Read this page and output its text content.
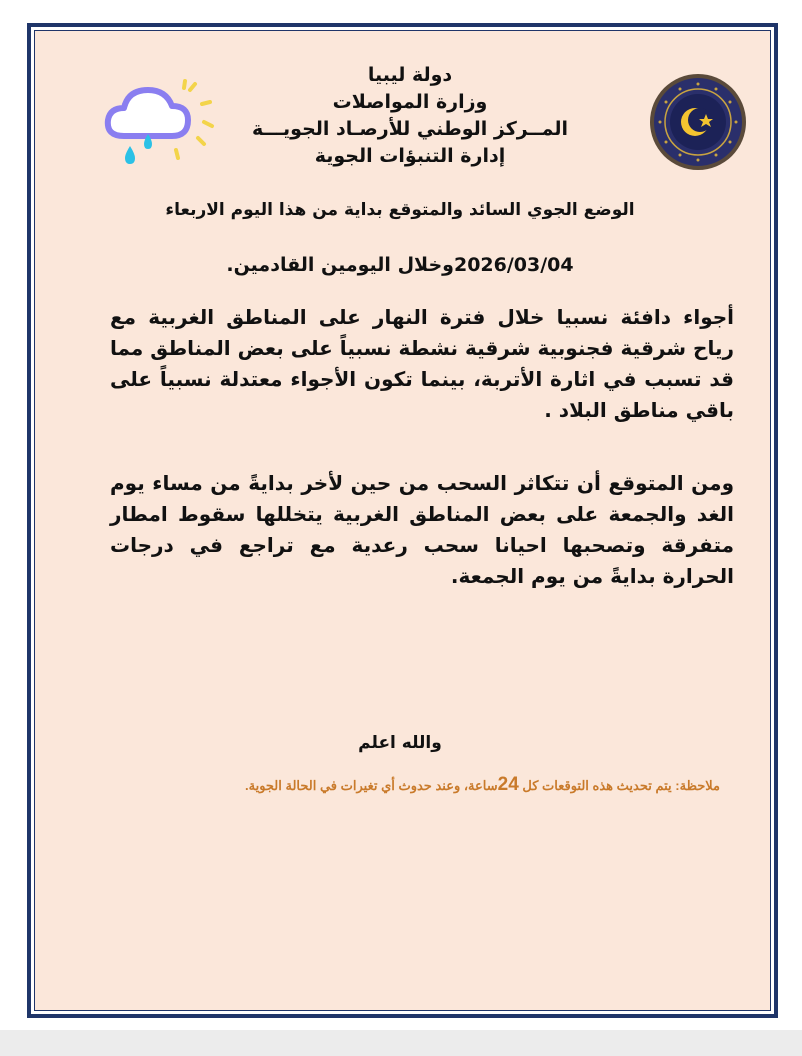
دولة ليبيا
وزارة المواصلات
المــركز الوطني للأرصـاد الجويـــة
إدارة التنبؤات الجوية
الوضع الجوي السائد والمتوقع بداية من هذا اليوم الاربعاء
2026/03/04وخلال اليومين القادمين.
أجواء دافئة نسبيا خلال فترة النهار على المناطق الغربية مع رياح شرقية فجنوبية شرقية نشطة نسبياً على بعض المناطق مما قد تسبب في اثارة الأتربة، بينما تكون الأجواء معتدلة نسبياً على باقي مناطق البلاد .
ومن المتوقع أن تتكاثر السحب من حين لأخر بدايةً من مساء يوم الغد والجمعة على بعض المناطق الغربية يتخللها سقوط امطار متفرقة وتصحبها احيانا سحب رعدية مع تراجع في درجات الحرارة بدايةً من يوم الجمعة.
والله اعلم
ملاحظة: يتم تحديث هذه التوقعات كل 24ساعة، وعند حدوث أي تغيرات في الحالة الجوية.
